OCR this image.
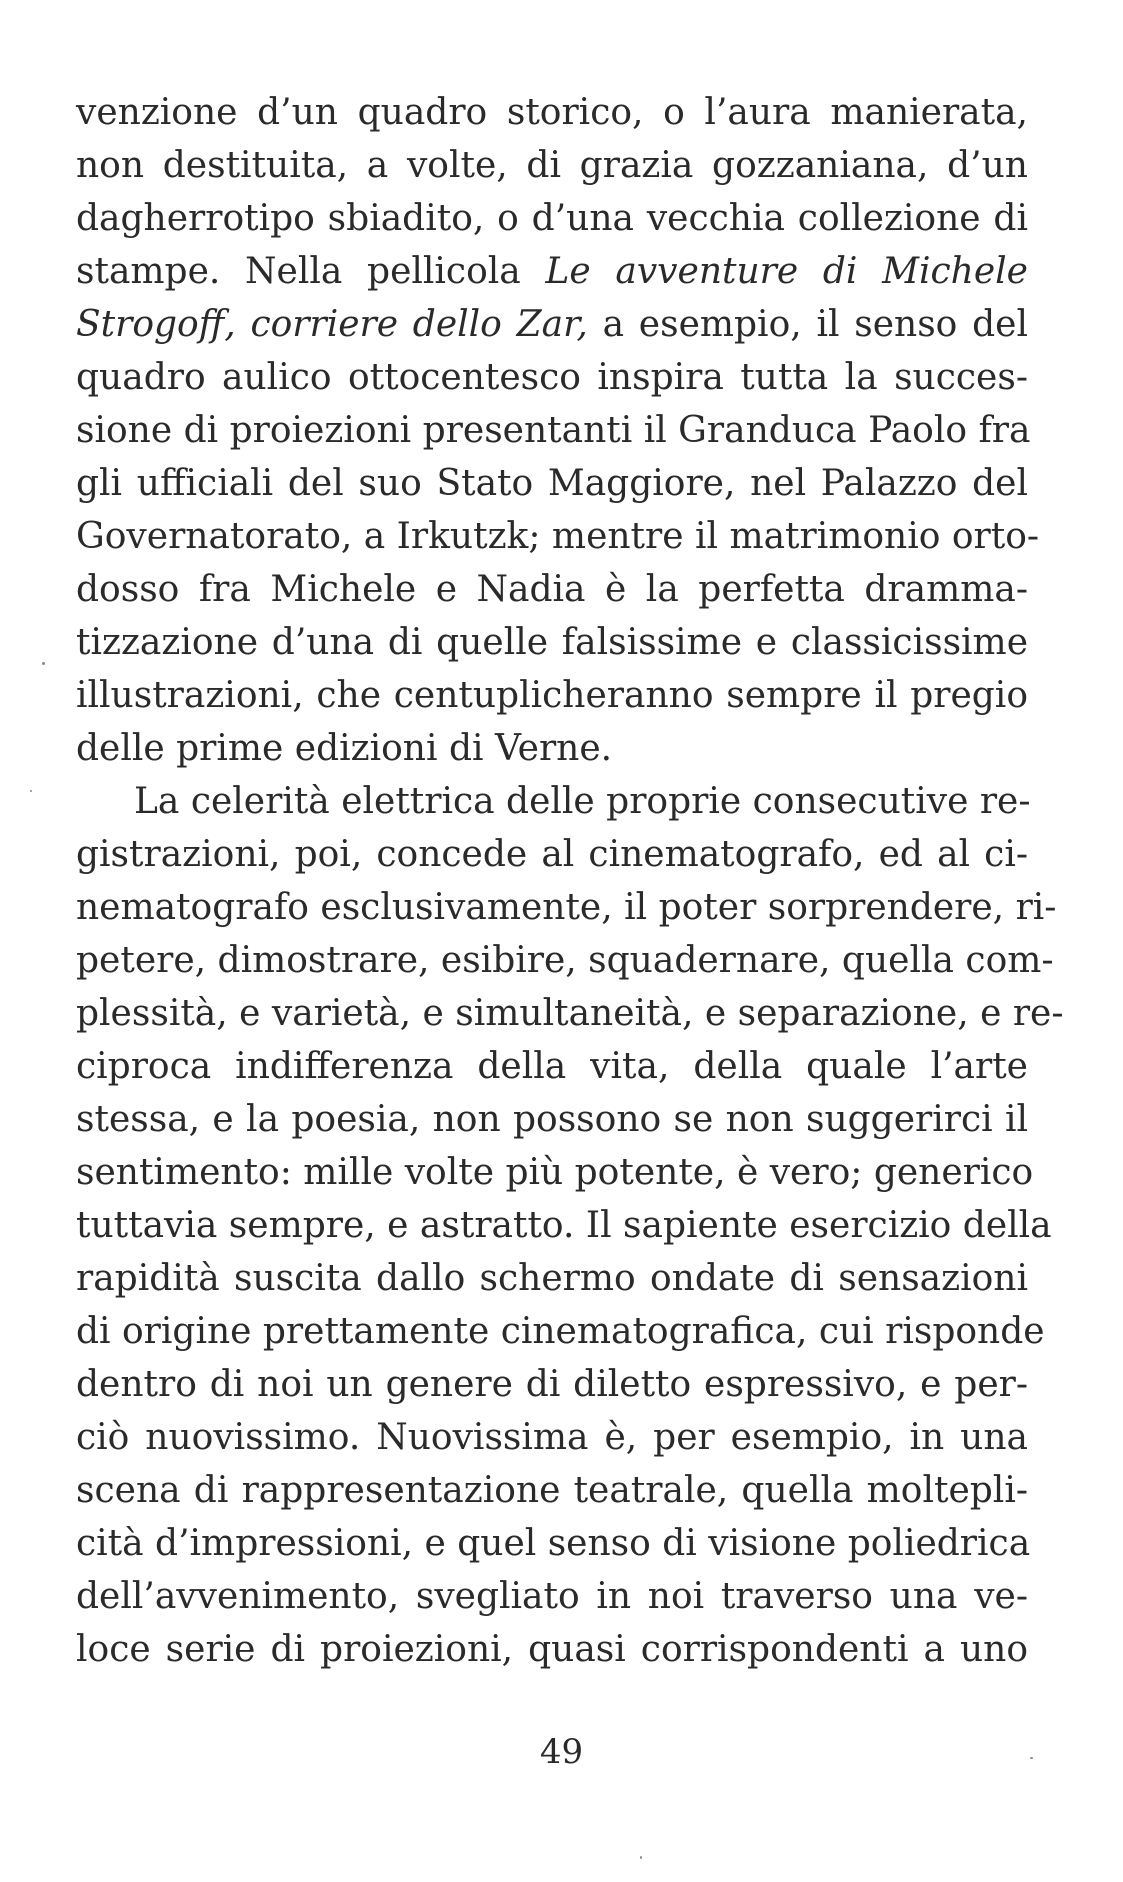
venzione d’un quadro storico, o l’aura manierata,
non destituita, a volte, di grazia gozzaniana, d’un
dagherrotipo sbiadito, o d’una vecchia collezione di
stampe. Nella pellicola Le avventure di Michele
Strogoff, corriere dello Zar, a esempio, il senso del
quadro aulico ottocentesco inspira tutta la succes-
sione di proiezioni presentanti il Granduca Paolo fra
gli ufficiali del suo Stato Maggiore, nel Palazzo del
Governatorato, a Irkutzk; mentre il matrimonio orto-
dosso fra Michele e Nadia è la perfetta dramma-
tizzazione d’una di quelle falsissime e classicissime
illustrazioni, che centuplicheranno sempre il pregio
delle prime edizioni di Verne.
La celerità elettrica delle proprie consecutive re-
gistrazioni, poi, concede al cinematografo, ed al ci-
nematografo esclusivamente, il poter sorprendere, ri-
petere, dimostrare, esibire, squadernare, quella com-
plessità, e varietà, e simultaneità, e separazione, e re-
ciproca indifferenza della vita, della quale l’arte
stessa, e la poesia, non possono se non suggerirci il
sentimento: mille volte più potente, è vero; generico
tuttavia sempre, e astratto. Il sapiente esercizio della
rapidità suscita dallo schermo ondate di sensazioni
di origine prettamente cinematografica, cui risponde
dentro di noi un genere di diletto espressivo, e per-
ciò nuovissimo. Nuovissima è, per esempio, in una
scena di rappresentazione teatrale, quella moltepli-
cità d’impressioni, e quel senso di visione poliedrica
dell’avvenimento, svegliato in noi traverso una ve-
loce serie di proiezioni, quasi corrispondenti a uno
49
